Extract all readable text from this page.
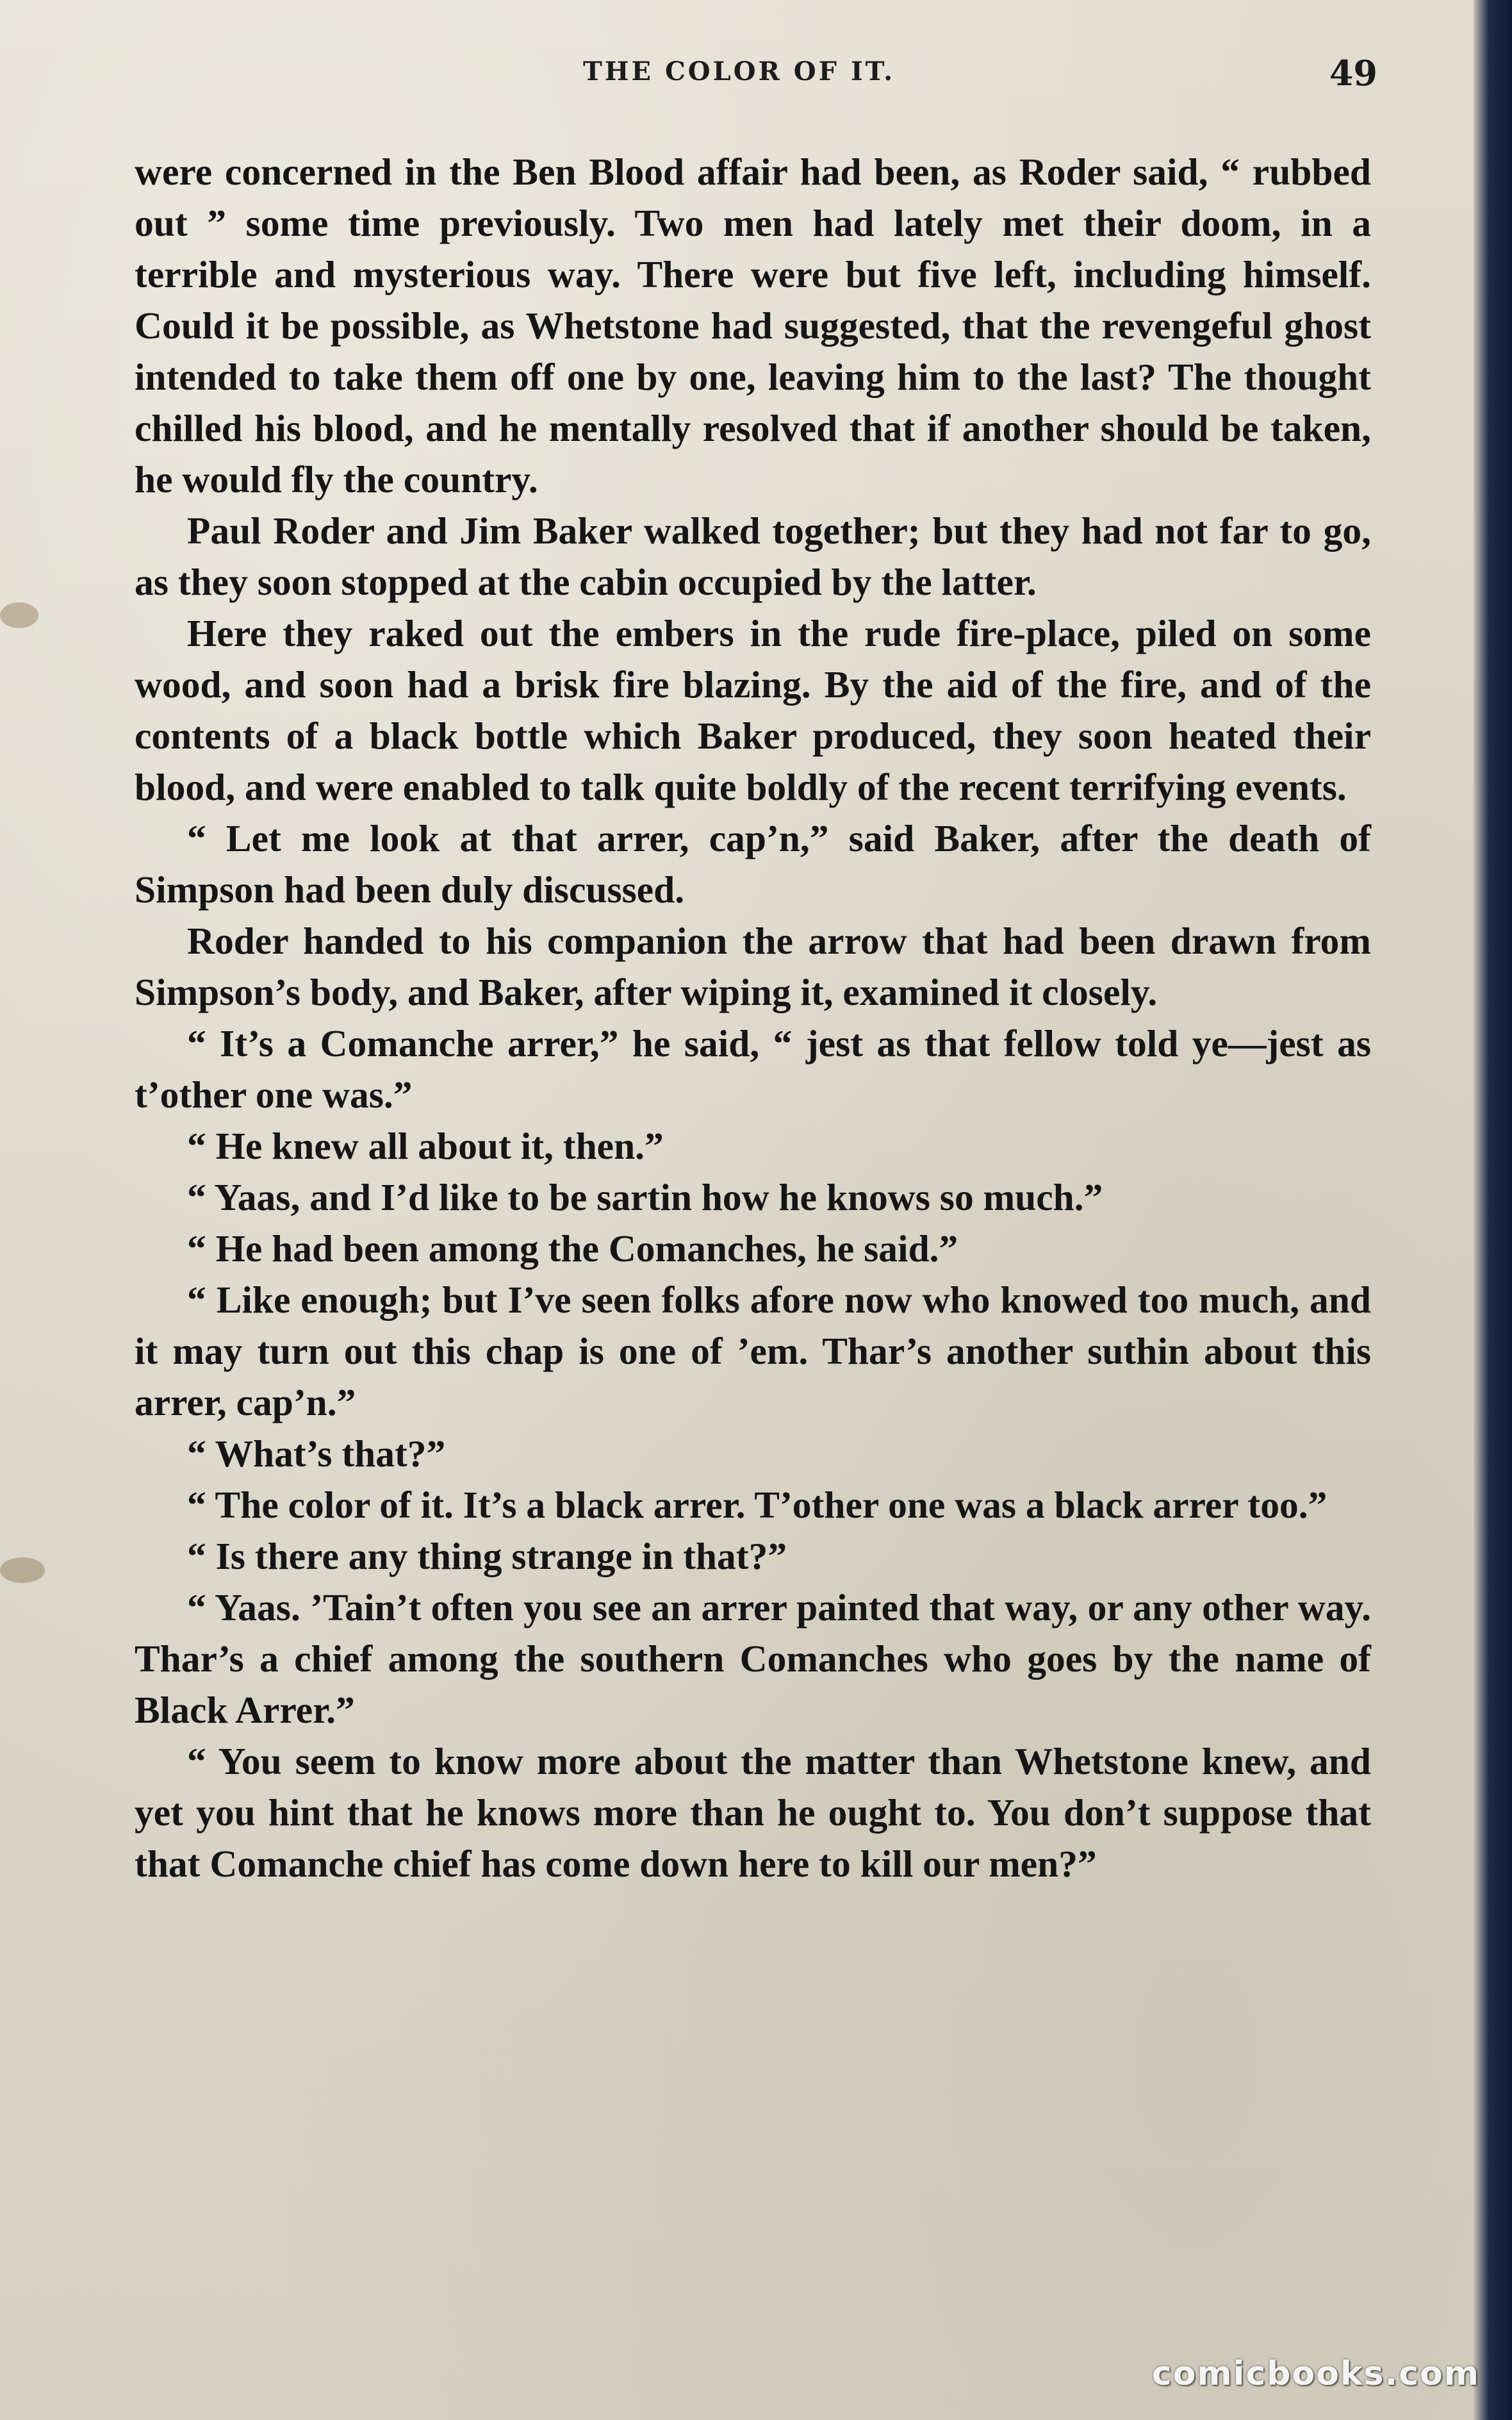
THE COLOR OF IT.	49

were concerned in the Ben Blood affair had been, as Roder said, “ rubbed out ” some time previously. Two men had lately met their doom, in a terrible and mysterious way. There were but five left, including himself. Could it be possible, as Whetstone had suggested, that the revengeful ghost intended to take them off one by one, leaving him to the last? The thought chilled his blood, and he mentally resolved that if another should be taken, he would fly the country.

Paul Roder and Jim Baker walked together; but they had not far to go, as they soon stopped at the cabin occupied by the latter.

Here they raked out the embers in the rude fire-place, piled on some wood, and soon had a brisk fire blazing. By the aid of the fire, and of the contents of a black bottle which Baker produced, they soon heated their blood, and were enabled to talk quite boldly of the recent terrifying events.

“ Let me look at that arrer, cap’n,” said Baker, after the death of Simpson had been duly discussed.

Roder handed to his companion the arrow that had been drawn from Simpson’s body, and Baker, after wiping it, examined it closely.

“ It’s a Comanche arrer,” he said, “ jest as that fellow told ye—jest as t’other one was.”

“ He knew all about it, then.”

“ Yaas, and I’d like to be sartin how he knows so much.”

“ He had been among the Comanches, he said.”

“ Like enough; but I’ve seen folks afore now who knowed too much, and it may turn out this chap is one of ’em. Thar’s another suthin about this arrer, cap’n.”

“ What’s that?”

“ The color of it. It’s a black arrer. T’other one was a black arrer too.”

“ Is there any thing strange in that?”

“ Yaas. ’Tain’t often you see an arrer painted that way, or any other way. Thar’s a chief among the southern Comanches who goes by the name of Black Arrer.”

“ You seem to know more about the matter than Whetstone knew, and yet you hint that he knows more than he ought to. You don’t suppose that that Comanche chief has come down here to kill our men?”

comicbooks.com
